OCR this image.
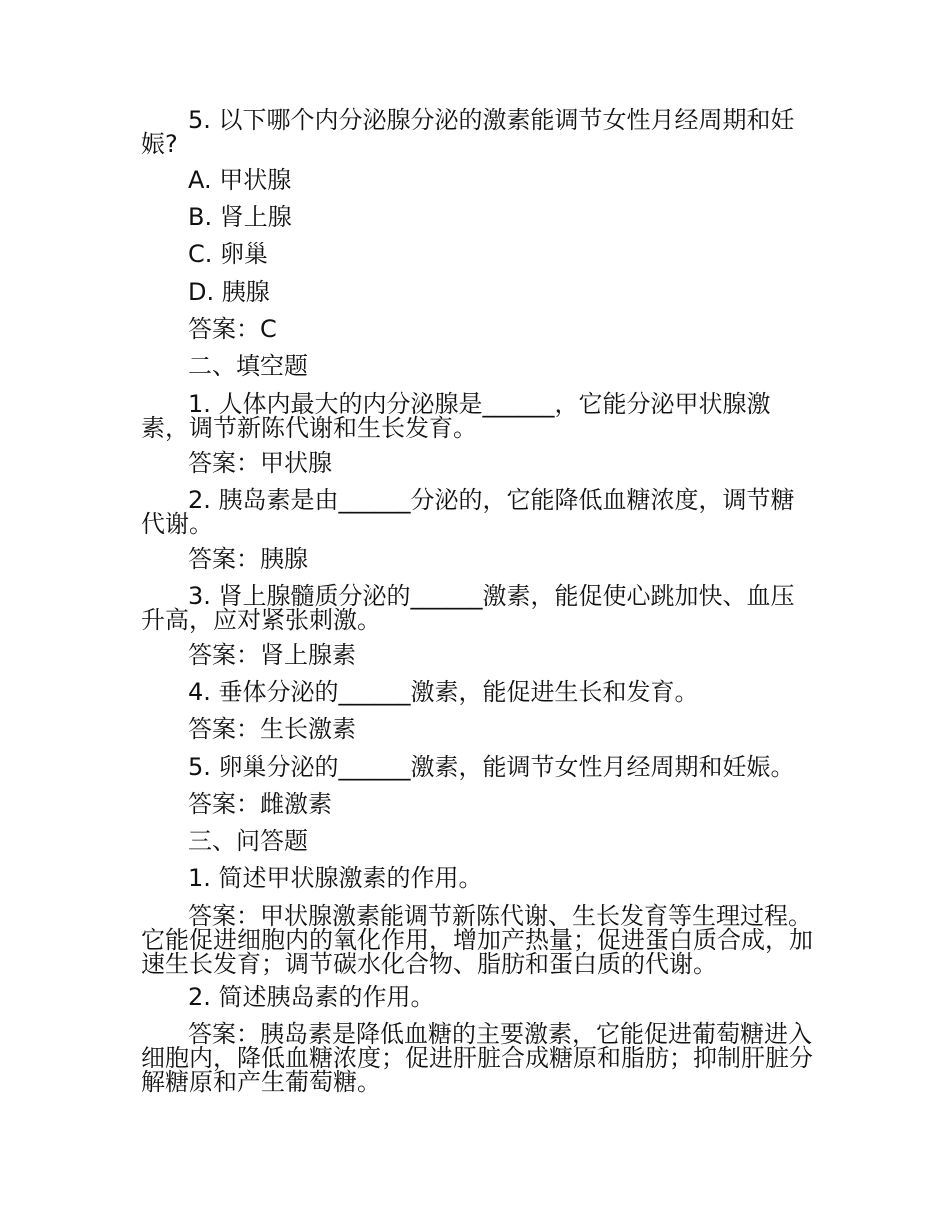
5. 以下哪个内分泌腺分泌的激素能调节女性月经周期和妊娠?
A. 甲状腺
B. 肾上腺
C. 卵巢
D. 胰腺
答案：C
二、填空题
1. 人体内最大的内分泌腺是______，它能分泌甲状腺激素，调节新陈代谢和生长发育。
答案：甲状腺
2. 胰岛素是由______分泌的，它能降低血糖浓度，调节糖代谢。
答案：胰腺
3. 肾上腺髓质分泌的______激素，能促使心跳加快、血压升高，应对紧张刺激。
答案：肾上腺素
4. 垂体分泌的______激素，能促进生长和发育。
答案：生长激素
5. 卵巢分泌的______激素，能调节女性月经周期和妊娠。
答案：雌激素
三、问答题
1. 简述甲状腺激素的作用。
答案：甲状腺激素能调节新陈代谢、生长发育等生理过程。它能促进细胞内的氧化作用，增加产热量；促进蛋白质合成，加速生长发育；调节碳水化合物、脂肪和蛋白质的代谢。
2. 简述胰岛素的作用。
答案：胰岛素是降低血糖的主要激素，它能促进葡萄糖进入细胞内，降低血糖浓度；促进肝脏合成糖原和脂肪；抑制肝脏分解糖原和产生葡萄糖。
